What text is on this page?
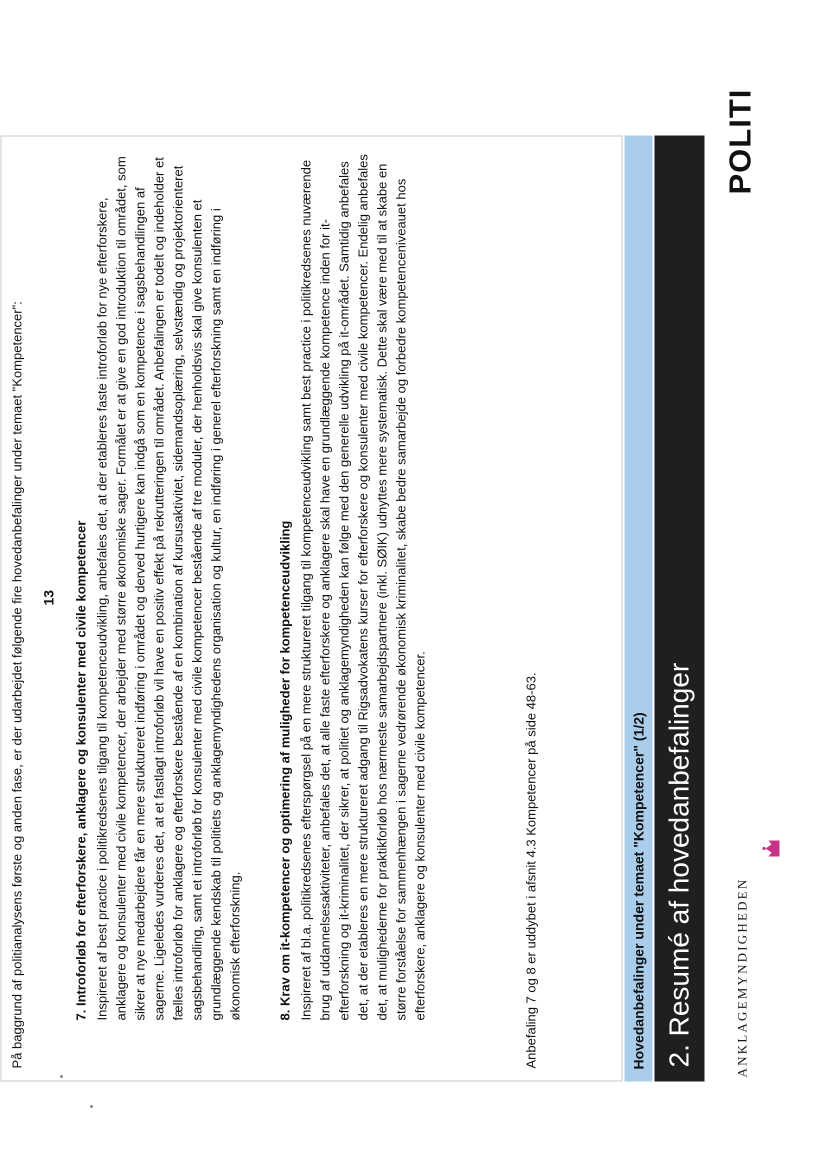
ANKLAGEMYNDIGHEDEN
POLITI
2. Resumé af hovedanbefalinger
Hovedanbefalinger under temaet "Kompetencer" (1/2)

På baggrund af politianalysens første og anden fase, er der udarbejdet følgende fire hovedanbefalinger under temaet "Kompetencer":	7. Introforløb for efterforskere, anklagere og konsulenter med civile kompetencer Inspireret af best practice i politikredsenes tilgang til kompetenceudvikling, anbefales det, at der etableres faste introforløb for nye efterforskere, anklagere og konsulenter med civile kompetencer, der arbejder med større økonomiske sager. Formålet er at give en god introduktion til området, som sikrer at nye medarbejdere får en mere struktureret indføring i området og derved hurtigere kan indgå som en kompetence i sagsbehandlingen af sagerne. Ligeledes vurderes det, at et fastlagt introforløb vil have en positiv effekt på rekrutteringen til området. Anbefalingen er todelt og indeholder et fælles introforløb for anklagere og efterforskere bestående af en kombination af kursusaktivitet, sidemandsoplæring, selvstændig og projektorienteret sagsbehandling, samt et introforløb for konsulenter med civile kompetencer bestående af tre moduler, der henholdsvis skal give konsulenten et grundlæggende kendskab til politiets og anklagemyndighedens organisation og kultur, en indføring i generel efterforskning samt en indføring i økonomisk efterforskning.	8. Krav om it-kompetencer og optimering af muligheder for kompetenceudvikling Inspireret af bl.a. politikredsenes efterspørgsel på en mere struktureret tilgang til kompetenceudvikling samt best practice i politikredsenes nuværende brug af uddannelsesaktiviteter, anbefales det, at alle faste efterforskere og anklagere skal have en grundlæggende kompetence inden for it-efterforskning og it-kriminalitet, der sikrer, at politiet og anklagemyndigheden kan følge med den generelle udvikling på it-området. Samtidig anbefales det, at der etableres en mere struktureret adgang til Rigsadvokatens kurser for efterforskere og konsulenter med civile kompetencer. Endelig anbefales det, at mulighederne for praktikforløb hos nærmeste samarbejdspartnere (inkl. SØIK) udnyttes mere systematisk. Dette skal være med til at skabe en større forståelse for sammenhængen i sagerne vedrørende økonomisk kriminalitet, skabe bedre samarbejde og forbedre kompetenceniveauet hos efterforskere, anklagere og konsulenter med civile kompetencer.	Anbefaling 7 og 8 er uddybet i afsnit 4.3 Kompetencer på side 48-63.

13
